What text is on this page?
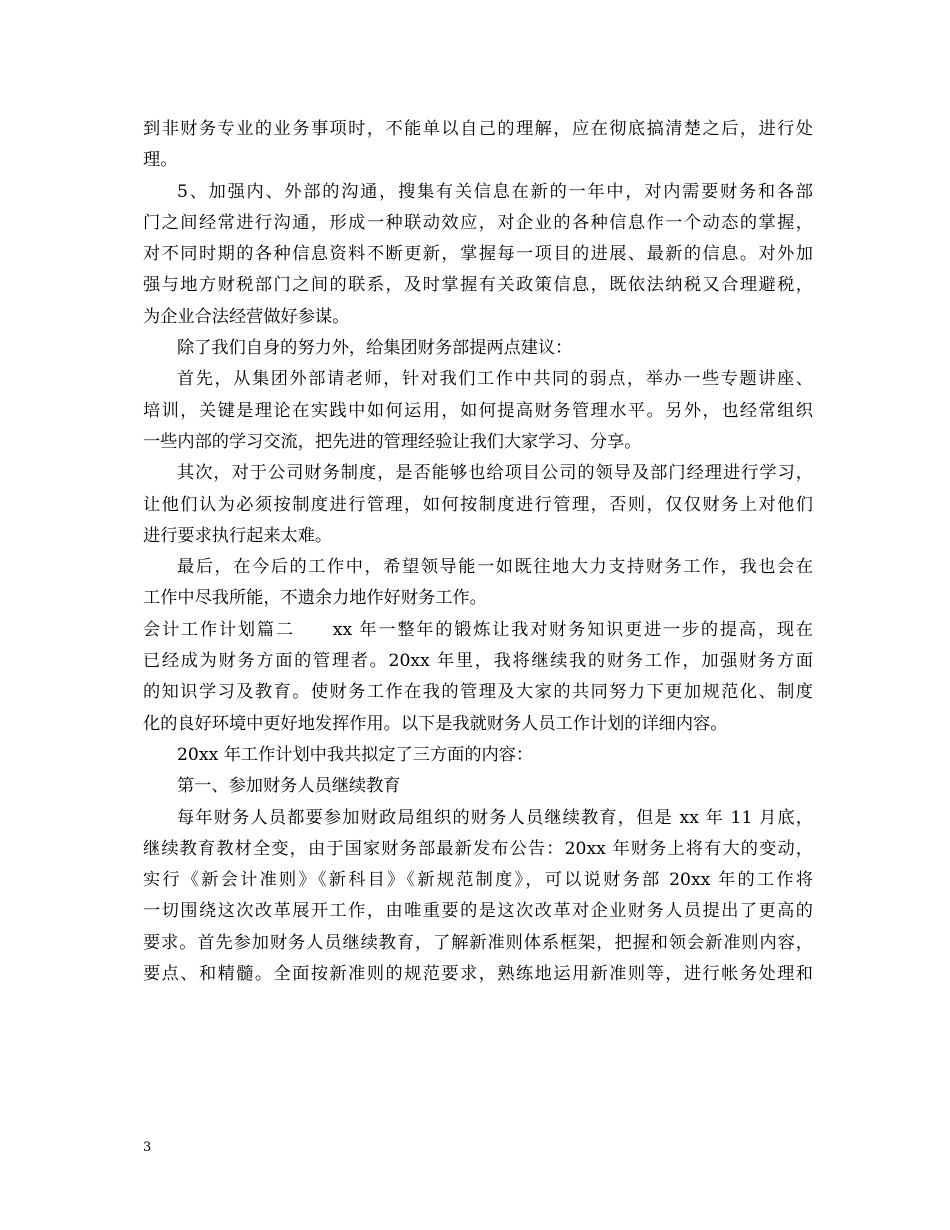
到非财务专业的业务事项时，不能单以自己的理解，应在彻底搞清楚之后，进行处
理。
5、加强内、外部的沟通，搜集有关信息在新的一年中，对内需要财务和各部
门之间经常进行沟通，形成一种联动效应，对企业的各种信息作一个动态的掌握，
对不同时期的各种信息资料不断更新，掌握每一项目的进展、最新的信息。对外加
强与地方财税部门之间的联系，及时掌握有关政策信息，既依法纳税又合理避税，
为企业合法经营做好参谋。
除了我们自身的努力外，给集团财务部提两点建议：
首先，从集团外部请老师，针对我们工作中共同的弱点，举办一些专题讲座、
培训，关键是理论在实践中如何运用，如何提高财务管理水平。另外，也经常组织
一些内部的学习交流，把先进的管理经验让我们大家学习、分享。
其次，对于公司财务制度，是否能够也给项目公司的领导及部门经理进行学习，
让他们认为必须按制度进行管理，如何按制度进行管理，否则，仅仅财务上对他们
进行要求执行起来太难。
最后，在今后的工作中，希望领导能一如既往地大力支持财务工作，我也会在
工作中尽我所能，不遗余力地作好财务工作。
会计工作计划篇二　　xx 年一整年的锻炼让我对财务知识更进一步的提高，现在
已经成为财务方面的管理者。20xx 年里，我将继续我的财务工作，加强财务方面
的知识学习及教育。使财务工作在我的管理及大家的共同努力下更加规范化、制度
化的良好环境中更好地发挥作用。以下是我就财务人员工作计划的详细内容。
20xx 年工作计划中我共拟定了三方面的内容：
第一、参加财务人员继续教育
每年财务人员都要参加财政局组织的财务人员继续教育，但是 xx 年 11 月底，
继续教育教材全变，由于国家财务部最新发布公告：20xx 年财务上将有大的变动，
实行《新会计准则》《新科目》《新规范制度》，可以说财务部 20xx 年的工作将
一切围绕这次改革展开工作，由唯重要的是这次改革对企业财务人员提出了更高的
要求。首先参加财务人员继续教育，了解新准则体系框架，把握和领会新准则内容，
要点、和精髓。全面按新准则的规范要求，熟练地运用新准则等，进行帐务处理和
3
